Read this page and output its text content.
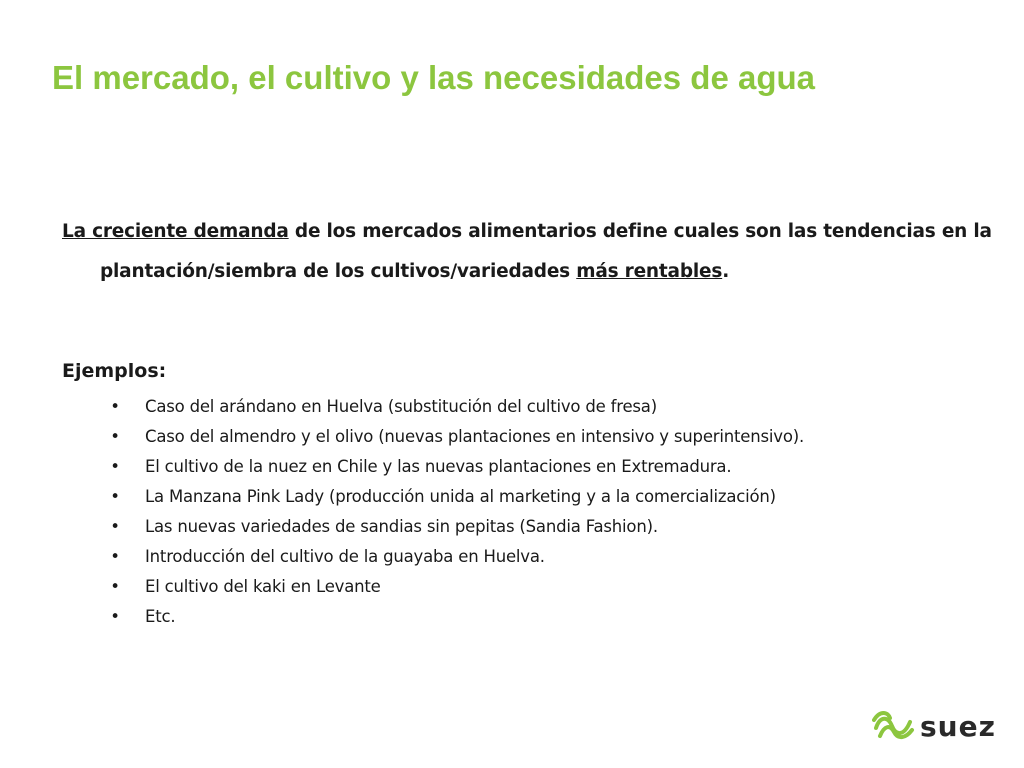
El mercado, el cultivo y las necesidades de agua

La creciente demanda de los mercados alimentarios define cuales son las tendencias en la plantación/siembra de los cultivos/variedades más rentables.

Ejemplos:

• Caso del arándano en Huelva (substitución del cultivo de fresa)
• Caso del almendro y el olivo (nuevas plantaciones en intensivo y superintensivo).
• El cultivo de la nuez en Chile y las nuevas plantaciones en Extremadura.
• La Manzana Pink Lady (producción unida al marketing y a la comercialización)
• Las nuevas variedades de sandias sin pepitas (Sandia Fashion).
• Introducción del cultivo de la guayaba en Huelva.
• El cultivo del kaki en Levante
• Etc.
suez
